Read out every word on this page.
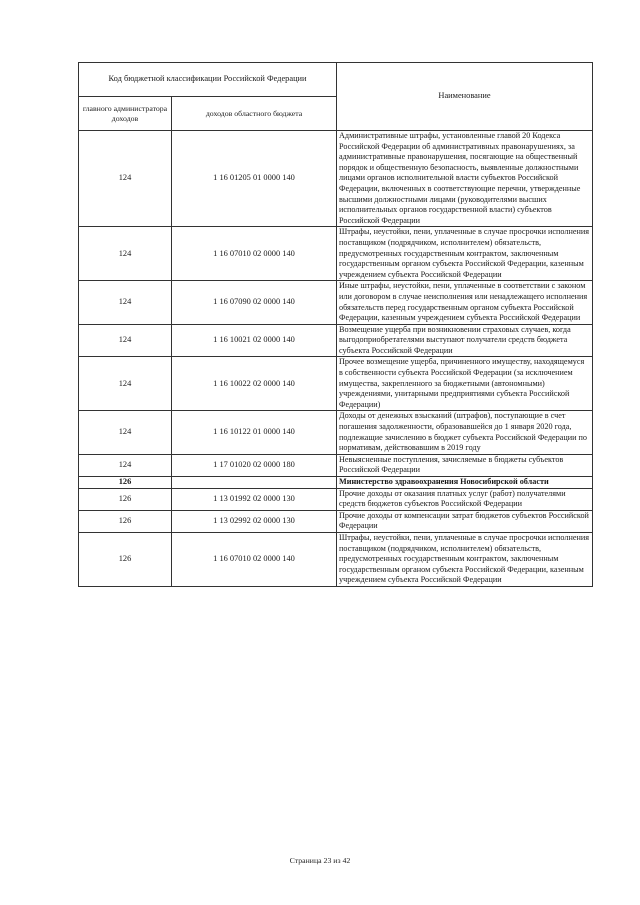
Код бюджетной классификации Российской Федерации		Наименование
главного администратора доходов	доходов областного бюджета	
124	1 16 01205 01 0000 140	Административные штрафы, установленные главой 20 Кодекса Российской Федерации об административных правонарушениях, за административные правонарушения, посягающие на общественный порядок и общественную безопасность, выявленные должностными лицами органов исполнительной власти субъектов Российской Федерации, включенных в соответствующие перечни, утвержденные высшими должностными лицами (руководителями высших исполнительных органов государственной власти) субъектов Российской Федерации
124	1 16 07010 02 0000 140	Штрафы, неустойки, пени, уплаченные в случае просрочки исполнения поставщиком (подрядчиком, исполнителем) обязательств, предусмотренных государственным контрактом, заключенным государственным органом субъекта Российской Федерации, казенным учреждением субъекта Российской Федерации
124	1 16 07090 02 0000 140	Иные штрафы, неустойки, пени, уплаченные в соответствии с законом или договором в случае неисполнения или ненадлежащего исполнения обязательств перед государственным органом субъекта Российской Федерации, казенным учреждением субъекта Российской Федерации
124	1 16 10021 02 0000 140	Возмещение ущерба при возникновении страховых случаев, когда выгодоприобретателями выступают получатели средств бюджета субъекта Российской Федерации
124	1 16 10022 02 0000 140	Прочее возмещение ущерба, причиненного имуществу, находящемуся в собственности субъекта Российской Федерации (за исключением имущества, закрепленного за бюджетными (автономными) учреждениями, унитарными предприятиями субъекта Российской Федерации)
124	1 16 10122 01 0000 140	Доходы от денежных взысканий (штрафов), поступающие в счет погашения задолженности, образовавшейся до 1 января 2020 года, подлежащие зачислению в бюджет субъекта Российской Федерации по нормативам, действовавшим в 2019 году
124	1 17 01020 02 0000 180	Невыясненные поступления, зачисляемые в бюджеты субъектов Российской Федерации
126		Министерство здравоохранения Новосибирской области
126	1 13 01992 02 0000 130	Прочие доходы от оказания платных услуг (работ) получателями средств бюджетов субъектов Российской Федерации
126	1 13 02992 02 0000 130	Прочие доходы от компенсации затрат бюджетов субъектов Российской Федерации
126	1 16 07010 02 0000 140	Штрафы, неустойки, пени, уплаченные в случае просрочки исполнения поставщиком (подрядчиком, исполнителем) обязательств, предусмотренных государственным контрактом, заключенным государственным органом субъекта Российской Федерации, казенным учреждением субъекта Российской Федерации
Страница 23 из 42
